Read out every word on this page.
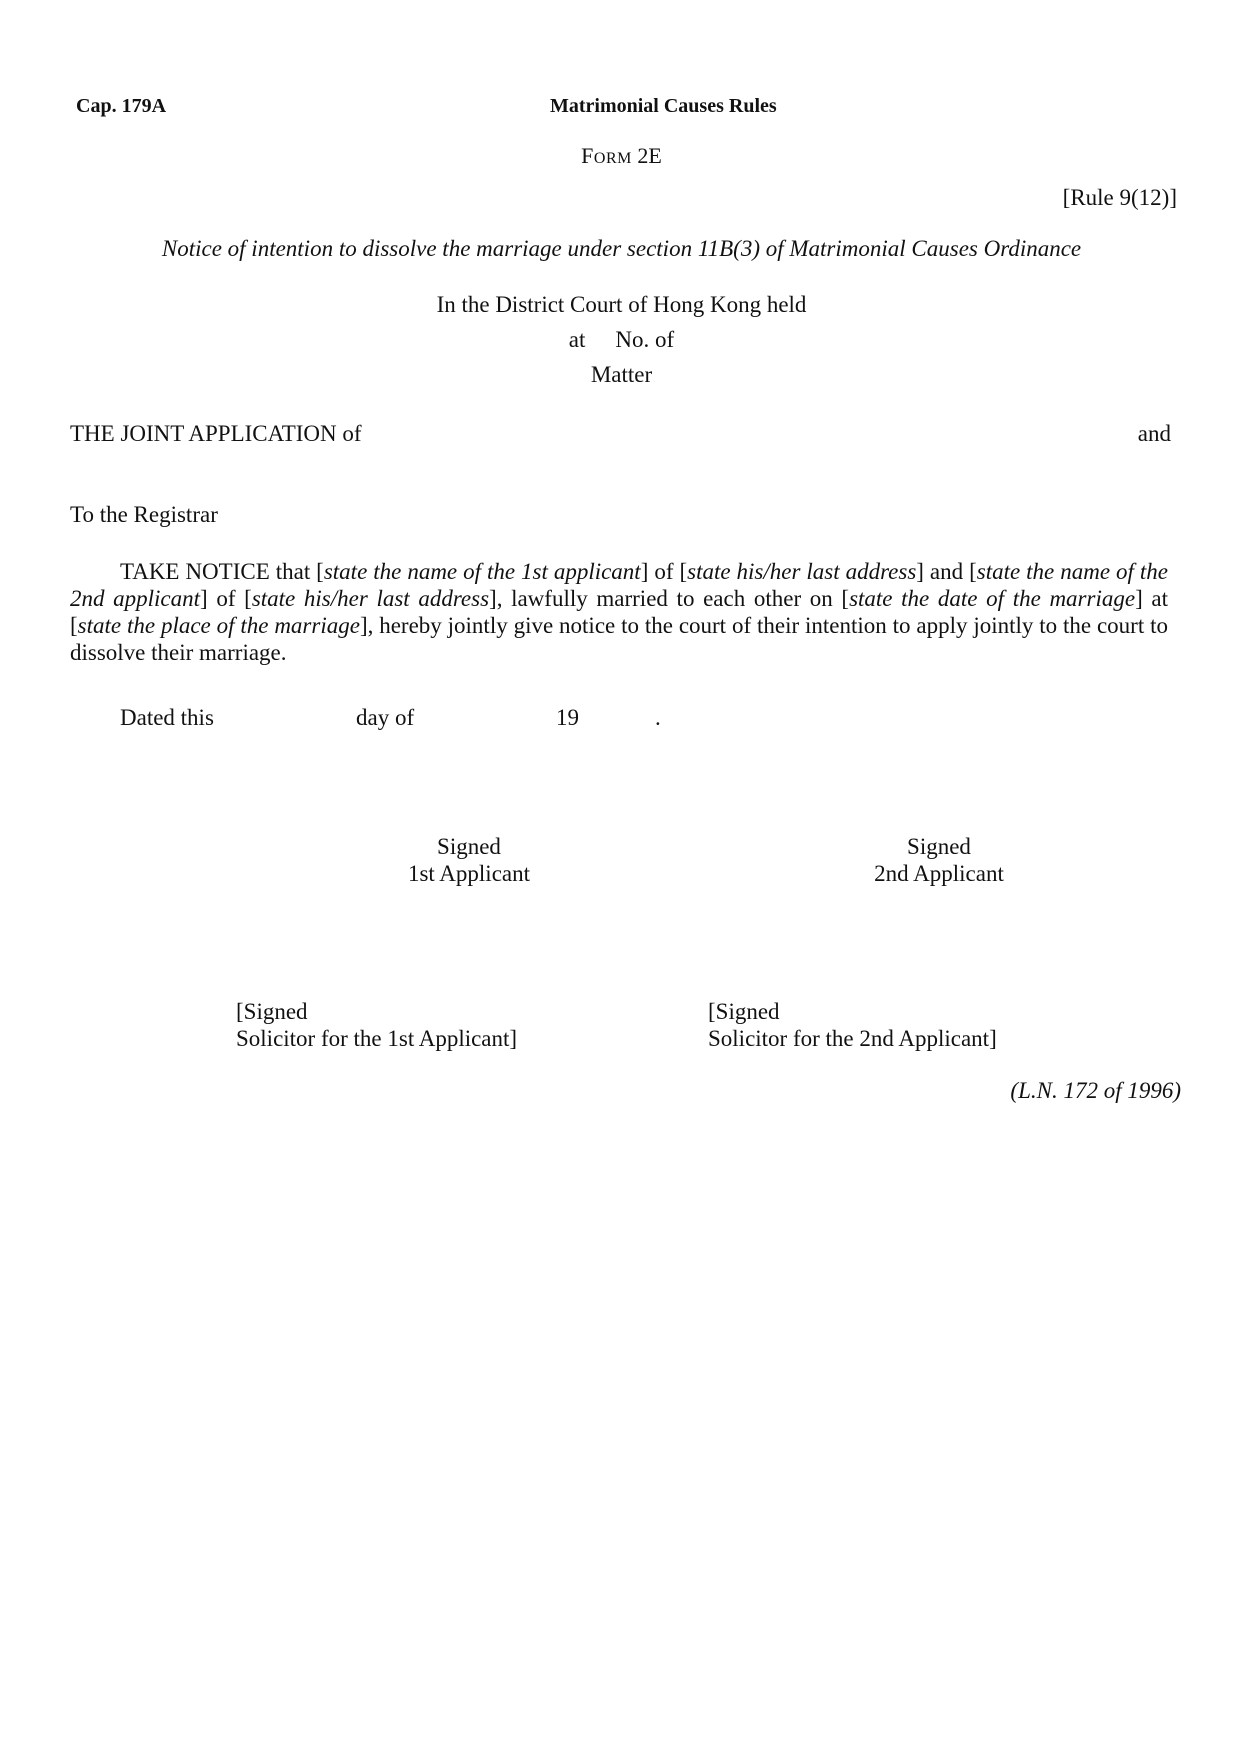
Cap. 179A	Matrimonial Causes Rules
FORM 2E
[Rule 9(12)]
Notice of intention to dissolve the marriage under section 11B(3) of Matrimonial Causes Ordinance
In the District Court of Hong Kong held
at No. of
Matter
THE JOINT APPLICATION of	and
To the Registrar
TAKE NOTICE that [state the name of the 1st applicant] of [state his/her last address] and [state the name of the 2nd applicant] of [state his/her last address], lawfully married to each other on [state the date of the marriage] at [state the place of the marriage], hereby jointly give notice to the court of their intention to apply jointly to the court to dissolve their marriage.
Dated this	day of	19	.
Signed
1st Applicant
Signed
2nd Applicant
[Signed
Solicitor for the 1st Applicant]
[Signed
Solicitor for the 2nd Applicant]
(L.N. 172 of 1996)
